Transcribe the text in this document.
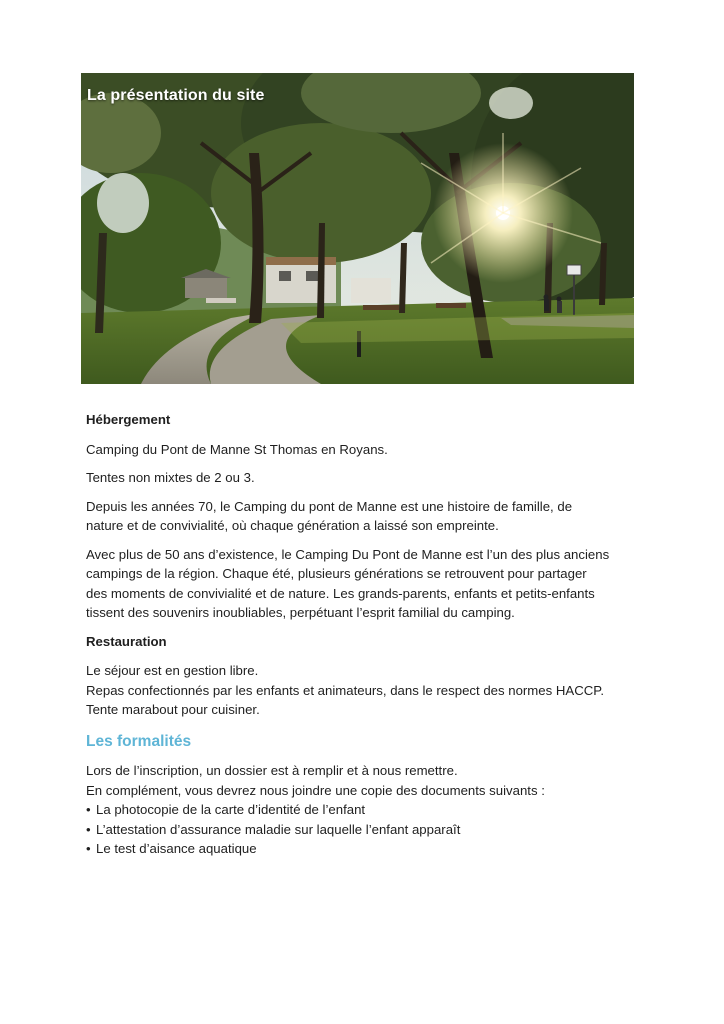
La présentation du site

Hébergement

Camping du Pont de Manne St Thomas en Royans.

Tentes non mixtes de 2 ou 3.

Depuis les années 70, le Camping du pont de Manne est une histoire de famille, de
nature et de convivialité, où chaque génération a laissé son empreinte.

Avec plus de 50 ans d’existence, le Camping Du Pont de Manne est l’un des plus anciens
campings de la région. Chaque été, plusieurs générations se retrouvent pour partager
des moments de convivialité et de nature. Les grands-parents, enfants et petits-enfants
tissent des souvenirs inoubliables, perpétuant l’esprit familial du camping.

Restauration

Le séjour est en gestion libre.
Repas confectionnés par les enfants et animateurs, dans le respect des normes HACCP.
Tente marabout pour cuisiner.

Les formalités

Lors de l’inscription, un dossier est à remplir et à nous remettre.
En complément, vous devrez nous joindre une copie des documents suivants :
• La photocopie de la carte d’identité de l’enfant
• L’attestation d’assurance maladie sur laquelle l’enfant apparaît
• Le test d’aisance aquatique
